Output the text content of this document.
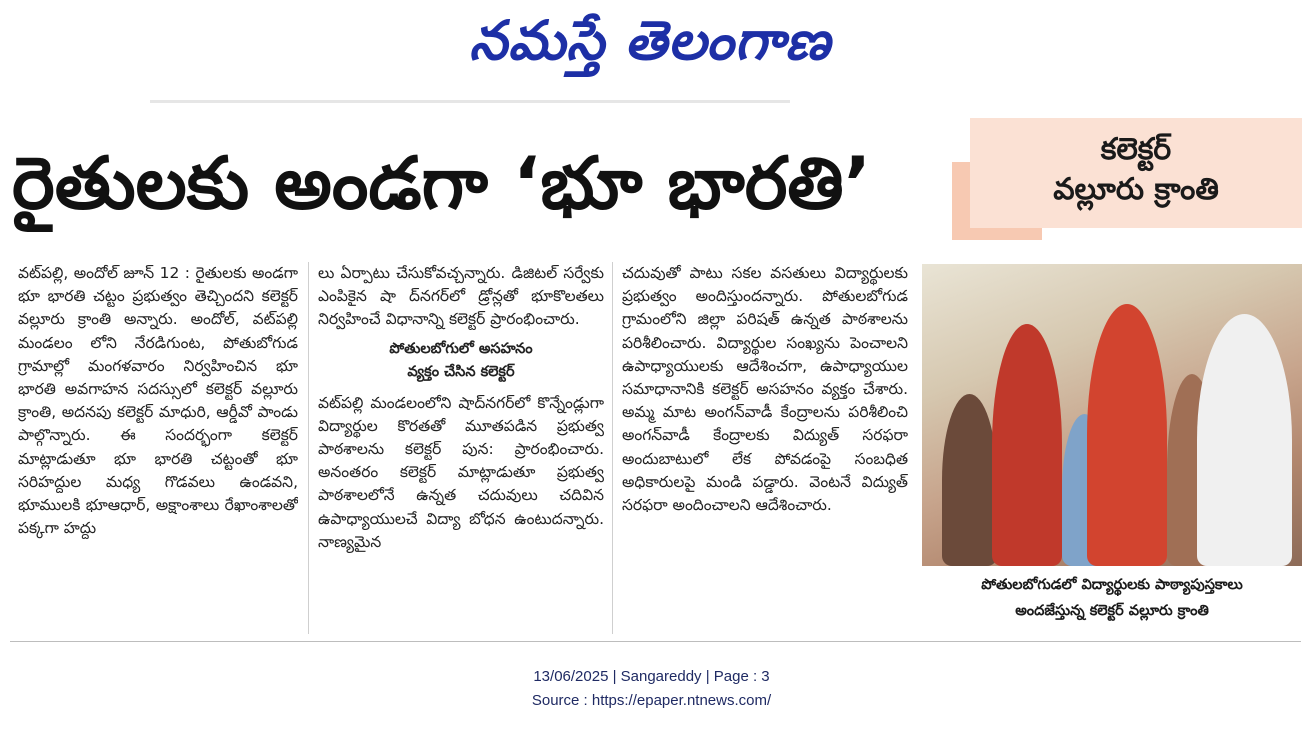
నమస్తే తెలంగాణ
రైతులకు అండగా ‘భూ భారతి’	కలెక్టర్
వల్లూరు క్రాంతి

వట్‌పల్లి, అందోల్ జూన్ 12 : రైతులకు అండగా భూ భారతి చట్టం ప్రభుత్వం తెచ్చిందని కలెక్టర్ వల్లూరు క్రాంతి అన్నారు. అందోల్, వట్‌పల్లి మండలం లోని నేరడిగుంట, పోతుబోగుడ గ్రామాల్లో మంగళవారం నిర్వహించిన భూ భారతి అవగాహన సదస్సులో కలెక్టర్ వల్లూరు క్రాంతి, అదనపు కలెక్టర్ మాధురి, ఆర్డీవో పాండు పాల్గొన్నారు. ఈ సందర్భంగా కలెక్టర్ మాట్లాడుతూ భూ భారతి చట్టంతో భూ సరిహద్దుల మధ్య గొడవలు ఉండవని, భూములకి భూఆధార్, అక్షాంశాలు రేఖాంశాలతో పక్కగా హద్దు

లు ఏర్పాటు చేసుకోవచ్చన్నారు. డిజిటల్ సర్వేకు ఎంపికైన షా ద్‌నగర్‌లో డ్రోన్లతో భూకొలతలు నిర్వహించే విధానాన్ని కలెక్టర్ ప్రారంభించారు.

పోతులబోగులో అసహనం
వ్యక్తం చేసిన కలెక్టర్

వట్‌పల్లి మండలంలోని షాద్‌నగర్‌లో కొన్నేండ్లుగా విద్యార్థుల కొరతతో మూతపడిన ప్రభుత్వ పాఠశాలను కలెక్టర్ పున: ప్రారంభించారు. అనంతరం కలెక్టర్ మాట్లాడుతూ ప్రభుత్వ పాఠశాలలోనే ఉన్నత చదువులు చదివిన ఉపాధ్యాయులచే విద్యా బోధన ఉంటుదన్నారు. నాణ్యమైన

చదువుతో పాటు సకల వసతులు విద్యార్థులకు ప్రభుత్వం అందిస్తుందన్నారు. పోతులబోగుడ గ్రామంలోని జిల్లా పరిషత్ ఉన్నత పాఠశాలను పరిశీలించారు. విద్యార్థుల సంఖ్యను పెంచాలని ఉపాధ్యాయులకు ఆదేశించగా, ఉపాధ్యాయుల సమాధానానికి కలెక్టర్ అసహనం వ్యక్తం చేశారు. అమ్మ మాట అంగన్‌వాడీ కేంద్రాలను పరిశీలించి అంగన్‌వాడీ కేంద్రాలకు విద్యుత్ సరఫరా అందుబాటులో లేక పోవడంపై సంబధిత అధికారులపై మండి పడ్డారు. వెంటనే విద్యుత్ సరఫరా అందించాలని ఆదేశించారు.

పోతులబోగుడలో విద్యార్థులకు పాఠ్యాపుస్తకాలు
అందజేస్తున్న కలెక్టర్ వల్లూరు క్రాంతి
13/06/2025 | Sangareddy | Page : 3
Source : https://epaper.ntnews.com/
